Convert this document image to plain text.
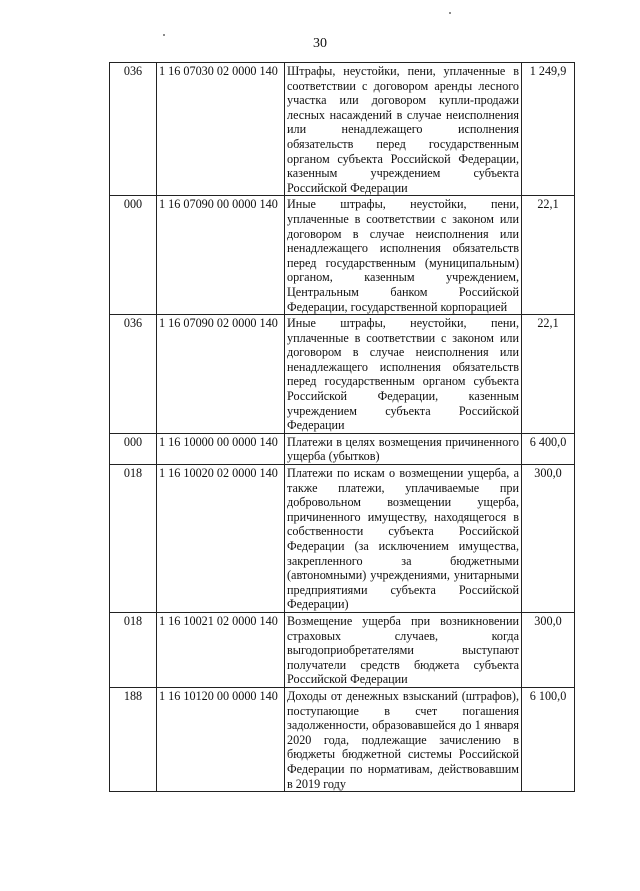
30
036	1 16 07030 02 0000 140	Штрафы, неустойки, пени, уплаченные в соответствии с договором аренды лесного участка или договором купли-продажи лесных насаждений в случае неисполнения или ненадлежащего исполнения обязательств перед государственным органом субъекта Российской Федерации, казенным учреждением субъекта Российской Федерации	1 249,9
000	1 16 07090 00 0000 140	Иные штрафы, неустойки, пени, уплаченные в соответствии с законом или договором в случае неисполнения или ненадлежащего исполнения обязательств перед государственным (муниципальным) органом, казенным учреждением, Центральным банком Российской Федерации, государственной корпорацией	22,1
036	1 16 07090 02 0000 140	Иные штрафы, неустойки, пени, уплаченные в соответствии с законом или договором в случае неисполнения или ненадлежащего исполнения обязательств перед государственным органом субъекта Российской Федерации, казенным учреждением субъекта Российской Федерации	22,1
000	1 16 10000 00 0000 140	Платежи в целях возмещения причиненного ущерба (убытков)	6 400,0
018	1 16 10020 02 0000 140	Платежи по искам о возмещении ущерба, а также платежи, уплачиваемые при добровольном возмещении ущерба, причиненного имуществу, находящегося в собственности субъекта Российской Федерации (за исключением имущества, закрепленного за бюджетными (автономными) учреждениями, унитарными предприятиями субъекта Российской Федерации)	300,0
018	1 16 10021 02 0000 140	Возмещение ущерба при возникновении страховых случаев, когда выгодоприобретателями выступают получатели средств бюджета субъекта Российской Федерации	300,0
188	1 16 10120 00 0000 140	Доходы от денежных взысканий (штрафов), поступающие в счет погашения задолженности, образовавшейся до 1 января 2020 года, подлежащие зачислению в бюджеты бюджетной системы Российской Федерации по нормативам, действовавшим в 2019 году	6 100,0
